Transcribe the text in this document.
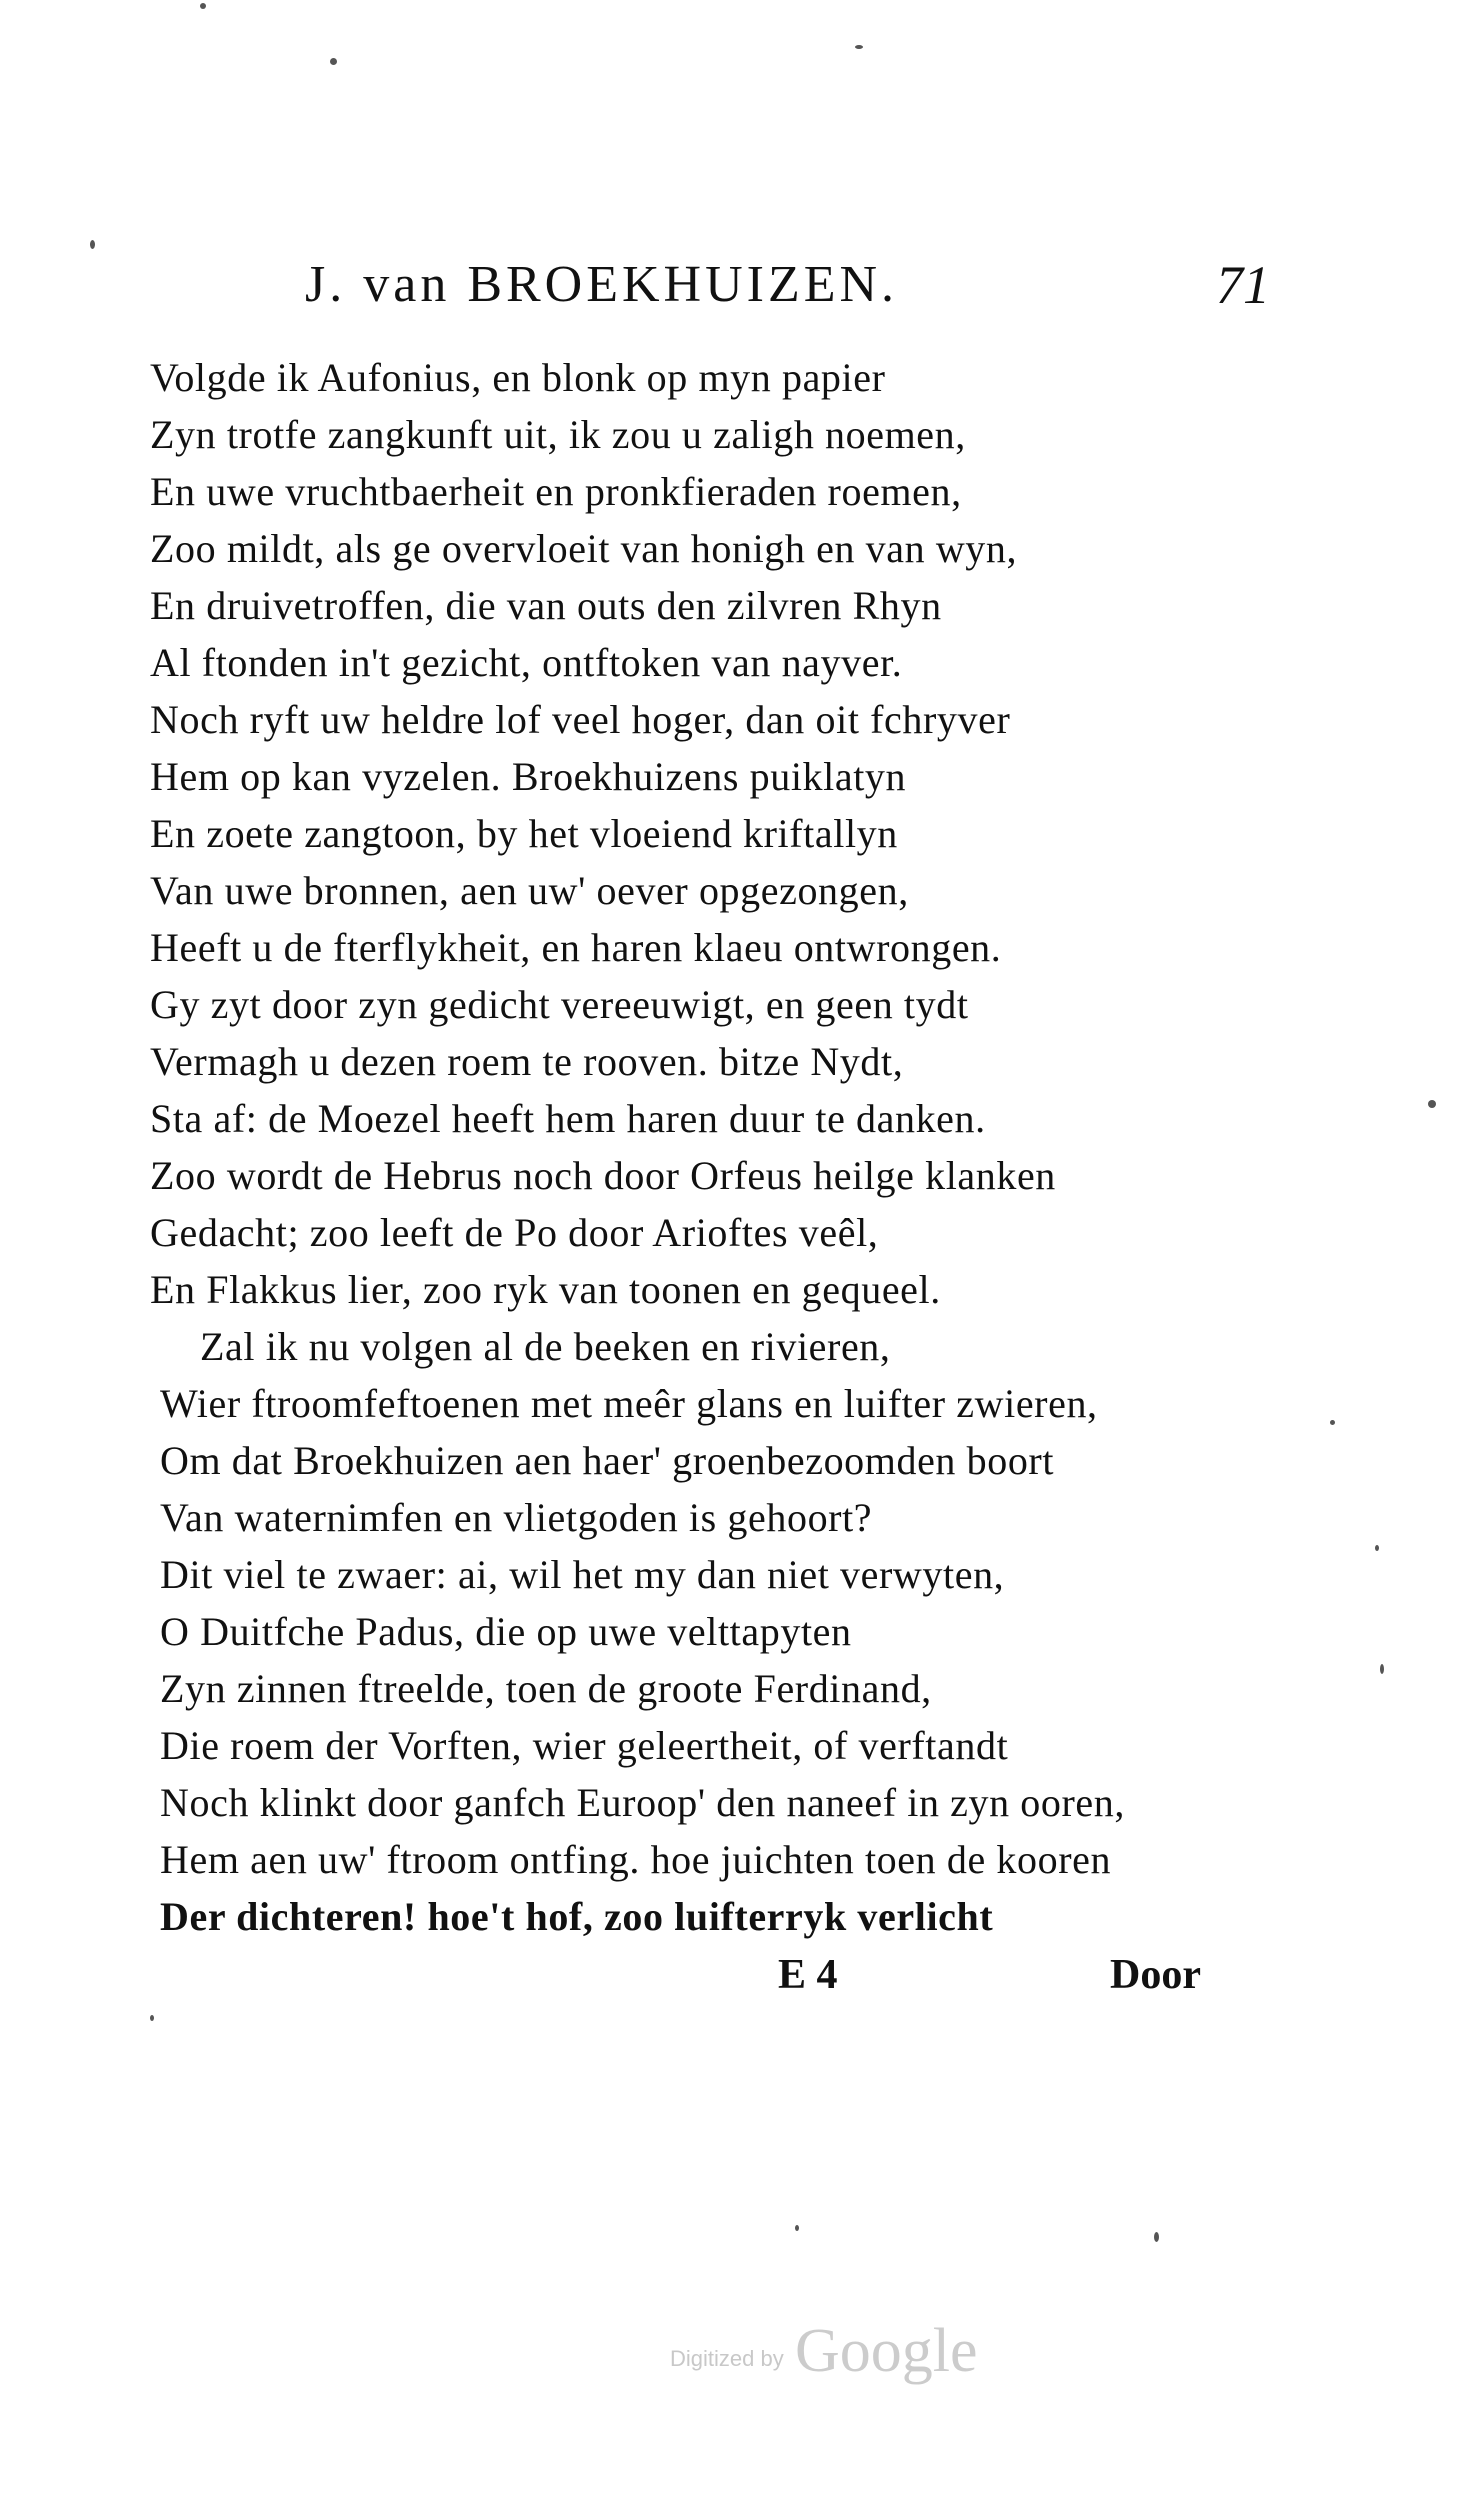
J. van BROEKHUIZEN.	71
Volgde ik Aufonius, en blonk op myn papier
Zyn trotfe zangkunft uit, ik zou u zaligh noemen,
En uwe vruchtbaerheit en pronkfieraden roemen,
Zoo mildt, als ge overvloeit van honigh en van wyn,
En druivetroffen, die van outs den zilvren Rhyn
Al ftonden in't gezicht, ontftoken van nayver.
Noch ryft uw heldre lof veel hoger, dan oit fchryver
Hem op kan vyzelen. Broekhuizens puiklatyn
En zoete zangtoon, by het vloeiend kriftallyn
Van uwe bronnen, aen uw' oever opgezongen,
Heeft u de fterflykheit, en haren klaeu ontwrongen.
Gy zyt door zyn gedicht vereeuwigt, en geen tydt
Vermagh u dezen roem te rooven. bitze Nydt,
Sta af: de Moezel heeft hem haren duur te danken.
Zoo wordt de Hebrus noch door Orfeus heilge klanken
Gedacht; zoo leeft de Po door Arioftes veêl,
En Flakkus lier, zoo ryk van toonen en gequeel.
Zal ik nu volgen al de beeken en rivieren,
Wier ftroomfeftoenen met meêr glans en luifter zwieren,
Om dat Broekhuizen aen haer' groenbezoomden boort
Van waternimfen en vlietgoden is gehoort?
Dit viel te zwaer: ai, wil het my dan niet verwyten,
O Duitfche Padus, die op uwe velttapyten
Zyn zinnen ftreelde, toen de groote Ferdinand,
Die roem der Vorften, wier geleertheit, of verftandt
Noch klinkt door ganfch Euroop' den naneef in zyn ooren,
Hem aen uw' ftroom ontfing. hoe juichten toen de kooren
Der dichteren! hoe't hof, zoo luifterryk verlicht
E 4	Door
Digitized by Google
